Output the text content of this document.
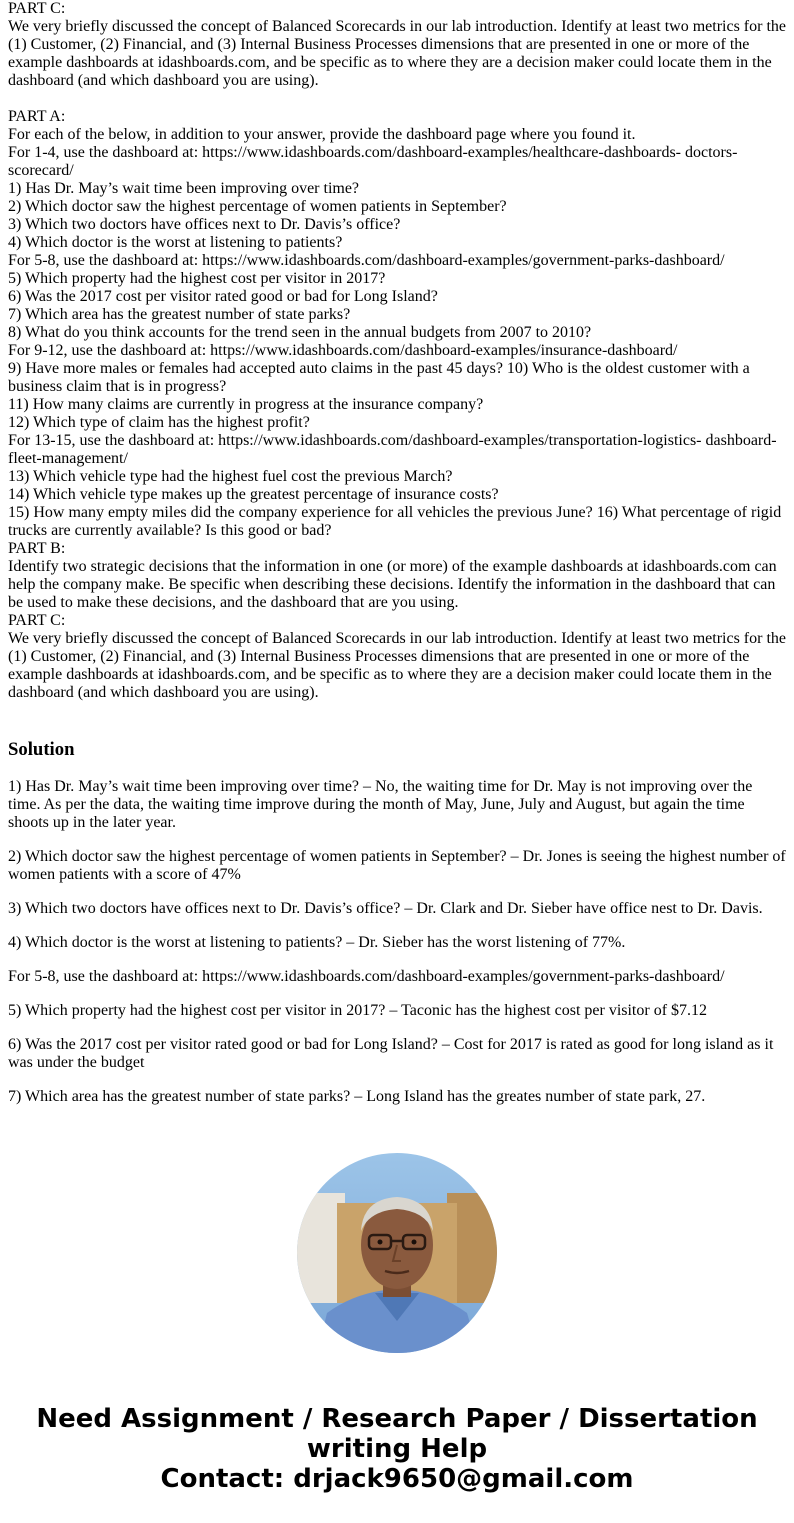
PART C:
We very briefly discussed the concept of Balanced Scorecards in our lab introduction. Identify at least two metrics for the
(1) Customer, (2) Financial, and (3) Internal Business Processes dimensions that are presented in one or more of the
example dashboards at idashboards.com, and be specific as to where they are a decision maker could locate them in the
dashboard (and which dashboard you are using).
PART A:
For each of the below, in addition to your answer, provide the dashboard page where you found it.
For 1-4, use the dashboard at: https://www.idashboards.com/dashboard-examples/healthcare-dashboards- doctors-
scorecard/
1) Has Dr. May’s wait time been improving over time?
2) Which doctor saw the highest percentage of women patients in September?
3) Which two doctors have offices next to Dr. Davis’s office?
4) Which doctor is the worst at listening to patients?
For 5-8, use the dashboard at: https://www.idashboards.com/dashboard-examples/government-parks-dashboard/
5) Which property had the highest cost per visitor in 2017?
6) Was the 2017 cost per visitor rated good or bad for Long Island?
7) Which area has the greatest number of state parks?
8) What do you think accounts for the trend seen in the annual budgets from 2007 to 2010?
For 9-12, use the dashboard at: https://www.idashboards.com/dashboard-examples/insurance-dashboard/
9) Have more males or females had accepted auto claims in the past 45 days? 10) Who is the oldest customer with a
business claim that is in progress?
11) How many claims are currently in progress at the insurance company?
12) Which type of claim has the highest profit?
For 13-15, use the dashboard at: https://www.idashboards.com/dashboard-examples/transportation-logistics- dashboard-
fleet-management/
13) Which vehicle type had the highest fuel cost the previous March?
14) Which vehicle type makes up the greatest percentage of insurance costs?
15) How many empty miles did the company experience for all vehicles the previous June? 16) What percentage of rigid
trucks are currently available? Is this good or bad?
PART B:
Identify two strategic decisions that the information in one (or more) of the example dashboards at idashboards.com can
help the company make. Be specific when describing these decisions. Identify the information in the dashboard that can
be used to make these decisions, and the dashboard that are you using.
PART C:
We very briefly discussed the concept of Balanced Scorecards in our lab introduction. Identify at least two metrics for the
(1) Customer, (2) Financial, and (3) Internal Business Processes dimensions that are presented in one or more of the
example dashboards at idashboards.com, and be specific as to where they are a decision maker could locate them in the
dashboard (and which dashboard you are using).
Solution

1) Has Dr. May’s wait time been improving over time? – No, the waiting time for Dr. May is not improving over the
time. As per the data, the waiting time improve during the month of May, June, July and August, but again the time
shoots up in the later year.

2) Which doctor saw the highest percentage of women patients in September? – Dr. Jones is seeing the highest number of
women patients with a score of 47%

3) Which two doctors have offices next to Dr. Davis’s office? – Dr. Clark and Dr. Sieber have office nest to Dr. Davis.

4) Which doctor is the worst at listening to patients? – Dr. Sieber has the worst listening of 77%.

For 5-8, use the dashboard at: https://www.idashboards.com/dashboard-examples/government-parks-dashboard/

5) Which property had the highest cost per visitor in 2017? – Taconic has the highest cost per visitor of $7.12

6) Was the 2017 cost per visitor rated good or bad for Long Island? – Cost for 2017 is rated as good for long island as it
was under the budget

7) Which area has the greatest number of state parks? – Long Island has the greates number of state park, 27.

Need Assignment / Research Paper / Dissertation
writing Help
Contact: drjack9650@gmail.com
